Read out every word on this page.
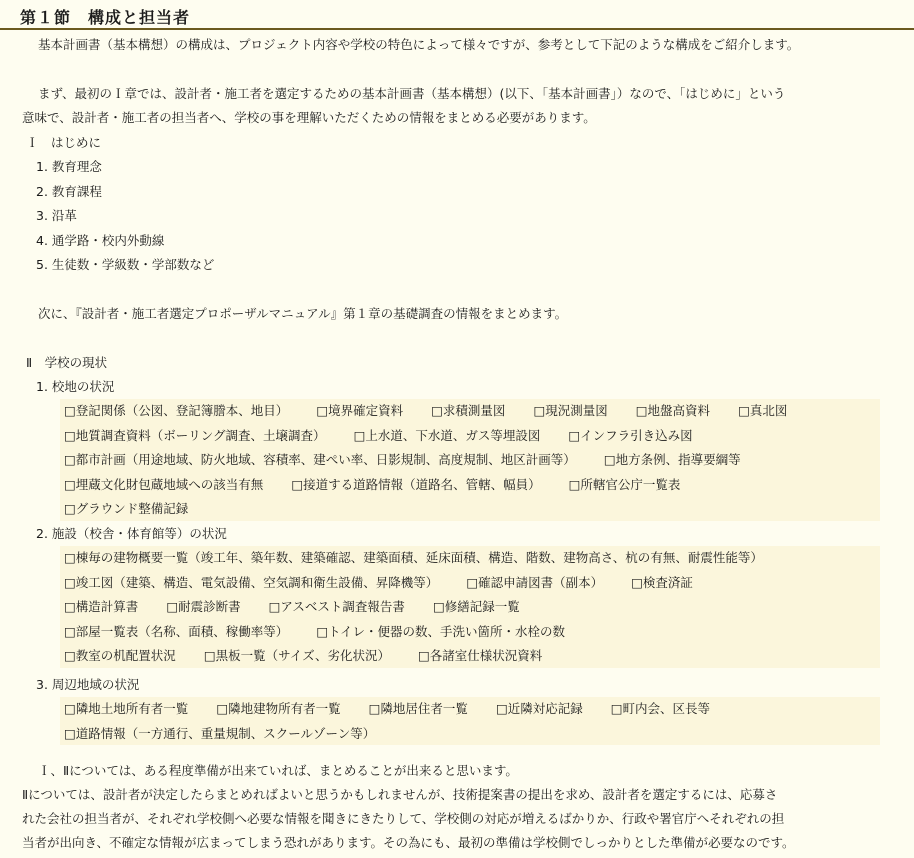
第１節　構成と担当者
基本計画書（基本構想）の構成は、プロジェクト内容や学校の特色によって様々ですが、参考として下記のような構成をご紹介します。
まず、最初のＩ章では、設計者・施工者を選定するための基本計画書（基本構想）(以下、「基本計画書」）なので、「はじめに」という
意味で、設計者・施工者の担当者へ、学校の事を理解いただくための情報をまとめる必要があります。
Ｉ　はじめに
1. 教育理念
2. 教育課程
3. 沿革
4. 通学路・校内外動線
5. 生徒数・学級数・学部数など
次に、『設計者・施工者選定プロポーザルマニュアル』第１章の基礎調査の情報をまとめます。
Ⅱ　学校の現状
1. 校地の状況
□登記関係（公図、登記簿謄本、地目） □境界確定資料 □求積測量図 □現況測量図 □地盤高資料 □真北図
□地質調査資料（ボーリング調査、土壌調査） □上水道、下水道、ガス等埋設図 □インフラ引き込み図
□都市計画（用途地域、防火地域、容積率、建ぺい率、日影規制、高度規制、地区計画等） □地方条例、指導要綱等
□埋蔵文化財包蔵地域への該当有無 □接道する道路情報（道路名、管轄、幅員） □所轄官公庁一覧表
□グラウンド整備記録
2. 施設（校舎・体育館等）の状況
□棟毎の建物概要一覧（竣工年、築年数、建築確認、建築面積、延床面積、構造、階数、建物高さ、杭の有無、耐震性能等）
□竣工図（建築、構造、電気設備、空気調和衛生設備、昇降機等） □確認申請図書（副本） □検査済証
□構造計算書 □耐震診断書 □アスベスト調査報告書 □修繕記録一覧
□部屋一覧表（名称、面積、稼働率等） □トイレ・便器の数、手洗い箇所・水栓の数
□教室の机配置状況 □黒板一覧（サイズ、劣化状況） □各諸室仕様状況資料
3. 周辺地域の状況
□隣地土地所有者一覧 □隣地建物所有者一覧 □隣地居住者一覧 □近隣対応記録 □町内会、区長等
□道路情報（一方通行、重量規制、スクールゾーン等）
Ｉ、Ⅱについては、ある程度準備が出来ていれば、まとめることが出来ると思います。
Ⅱについては、設計者が決定したらまとめればよいと思うかもしれませんが、技術提案書の提出を求め、設計者を選定するには、応募さ
れた会社の担当者が、それぞれ学校側へ必要な情報を聞きにきたりして、学校側の対応が増えるばかりか、行政や署官庁へそれぞれの担
当者が出向き、不確定な情報が広まってしまう恐れがあります。その為にも、最初の準備は学校側でしっかりとした準備が必要なのです。
